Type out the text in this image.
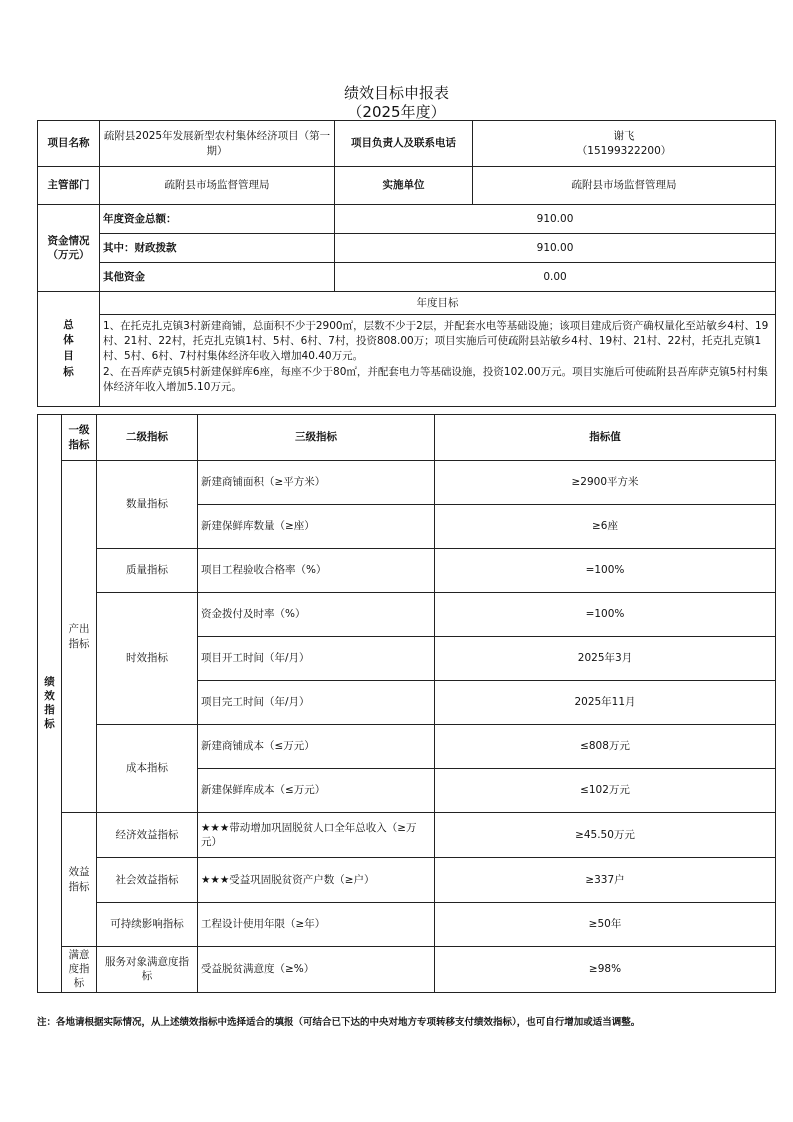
绩效目标申报表
（2025年度）
项目名称	疏附县2025年发展新型农村集体经济项目（第一期）	项目负责人及联系电话	谢飞
（15199322200）

主管部门	疏附县市场监督管理局	实施单位	疏附县市场监督管理局
资金情况（万元）	年度资金总额：	910.00	
	其中：财政拨款	910.00	
	其他资金	0.00	
总体目标	年度目标		

	1、在托克扎克镇3村新建商铺，总面积不少于2900㎡，层数不少于2层，并配套水电等基础设施；该项目建成后资产确权量化至站敏乡4村、19村、21村、22村，托克扎克镇1村、5村、6村、7村，投资808.00万；项目实施后可使疏附县站敏乡4村、19村、21村、22村，托克扎克镇1村、5村、6村、7村村集体经济年收入增加40.40万元。
2、在吾库萨克镇5村新建保鲜库6座，每座不少于80㎡，并配套电力等基础设施，投资102.00万元。项目实施后可使疏附县吾库萨克镇5村村集体经济年收入增加5.10万元。		
绩效指标	一级指标	二级指标	三级指标	指标值
	产出指标	数量指标	新建商铺面积（≥平方米）	≥2900平方米
			新建保鲜库数量（≥座）	≥6座
		质量指标	项目工程验收合格率（%）	=100%
		时效指标	资金拨付及时率（%）	=100%
			项目开工时间（年/月）	2025年3月
			项目完工时间（年/月）	2025年11月
		成本指标	新建商铺成本（≤万元）	≤808万元
			新建保鲜库成本（≤万元）	≤102万元
	效益指标	经济效益指标	★★★带动增加巩固脱贫人口全年总收入（≥万元）	≥45.50万元
		社会效益指标	★★★受益巩固脱贫资产户数（≥户）	≥337户
		可持续影响指标	工程设计使用年限（≥年）	≥50年
	满意度指标	服务对象满意度指标	受益脱贫满意度（≥%）	≥98%
注：各地请根据实际情况，从上述绩效指标中选择适合的填报（可结合已下达的中央对地方专项转移支付绩效指标），也可自行增加或适当调整。
